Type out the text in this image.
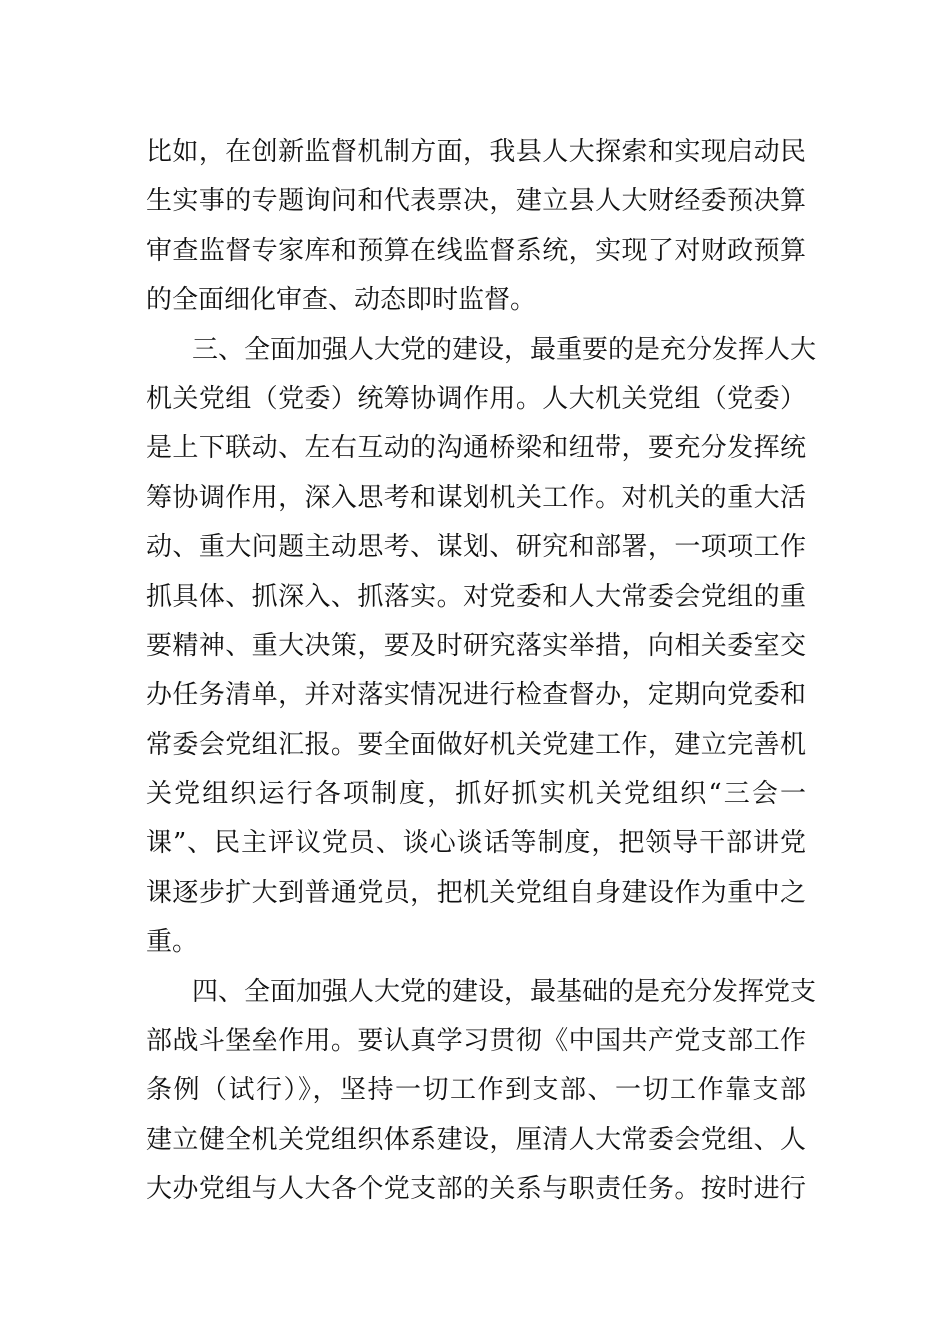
比如，在创新监督机制方面，我县人大探索和实现启动民
生实事的专题询问和代表票决，建立县人大财经委预决算
审查监督专家库和预算在线监督系统，实现了对财政预算
的全面细化审查、动态即时监督。
三、全面加强人大党的建设，最重要的是充分发挥人大
机关党组（党委）统筹协调作用。人大机关党组（党委）
是上下联动、左右互动的沟通桥梁和纽带，要充分发挥统
筹协调作用，深入思考和谋划机关工作。对机关的重大活
动、重大问题主动思考、谋划、研究和部署，一项项工作
抓具体、抓深入、抓落实。对党委和人大常委会党组的重
要精神、重大决策，要及时研究落实举措，向相关委室交
办任务清单，并对落实情况进行检查督办，定期向党委和
常委会党组汇报。要全面做好机关党建工作，建立完善机
关党组织运行各项制度，抓好抓实机关党组织“三会一
课”、民主评议党员、谈心谈话等制度，把领导干部讲党
课逐步扩大到普通党员，把机关党组自身建设作为重中之
重。
四、全面加强人大党的建设，最基础的是充分发挥党支
部战斗堡垒作用。要认真学习贯彻《中国共产党支部工作
条例（试行）》，坚持一切工作到支部、一切工作靠支部
建立健全机关党组织体系建设，厘清人大常委会党组、人
大办党组与人大各个党支部的关系与职责任务。按时进行
